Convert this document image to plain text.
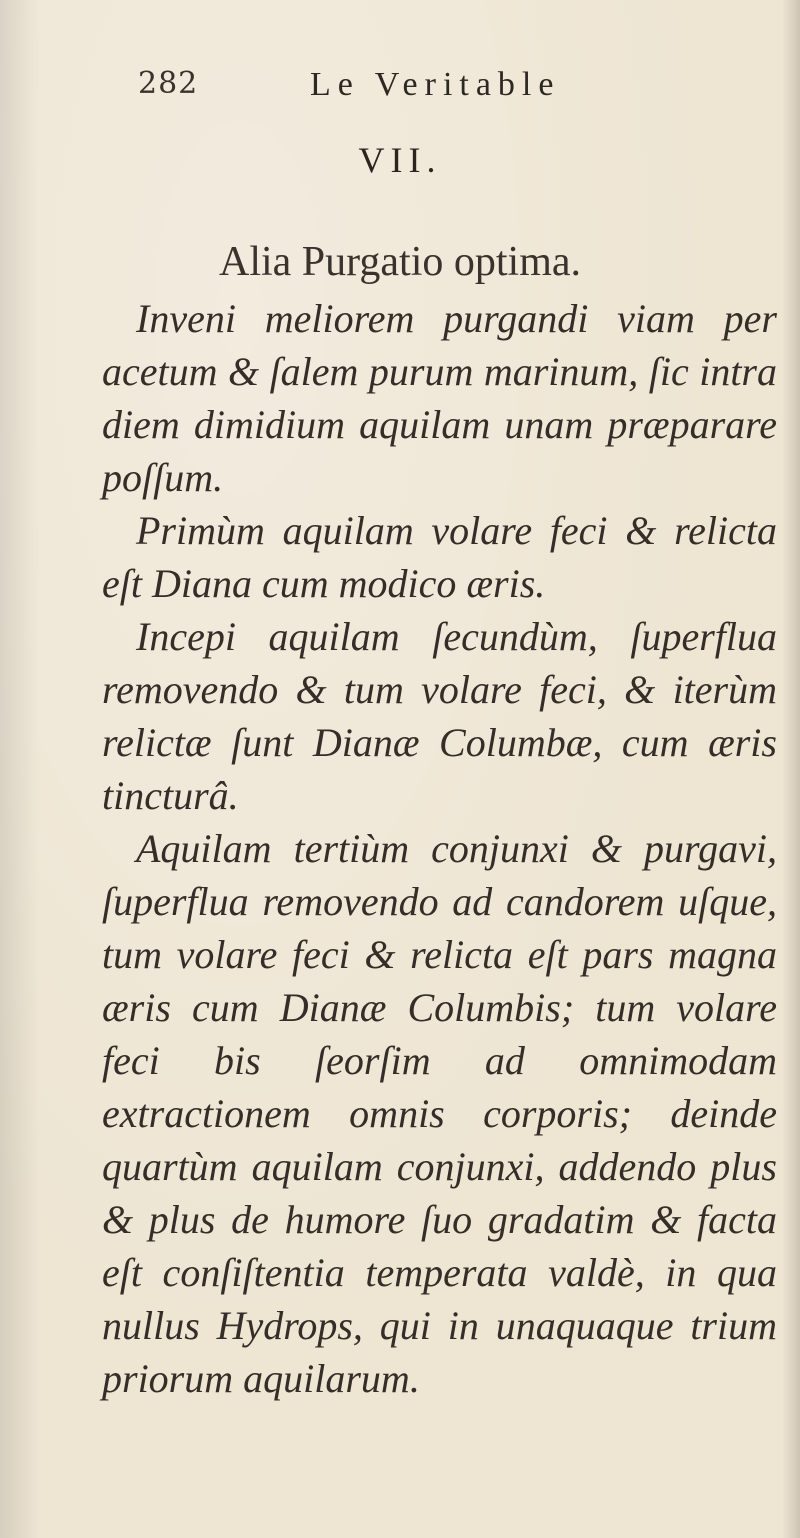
282	Le Veritable
VII.
Alia Purgatio optima.

Inveni meliorem purgandi viam per acetum & ſalem purum marinum, ſic intra diem dimidium aquilam unam præparare poſſum.

Primùm aquilam volare feci & relicta eſt Diana cum modico æris.

Incepi aquilam ſecundùm, ſuperflua removendo & tum volare feci, & iterùm relictæ ſunt Dianæ Columbæ, cum æris tincturâ.

Aquilam tertiùm conjunxi & purgavi, ſuperflua removendo ad candorem uſque, tum volare feci & relicta eſt pars magna æris cum Dianæ Columbis; tum volare feci bis ſeorſim ad omnimodam extractionem omnis corporis; deinde quartùm aquilam conjunxi, addendo plus & plus de humore ſuo gradatim & facta eſt conſiſtentia temperata valdè, in qua nullus Hydrops, qui in unaquaque trium priorum aquilarum.
